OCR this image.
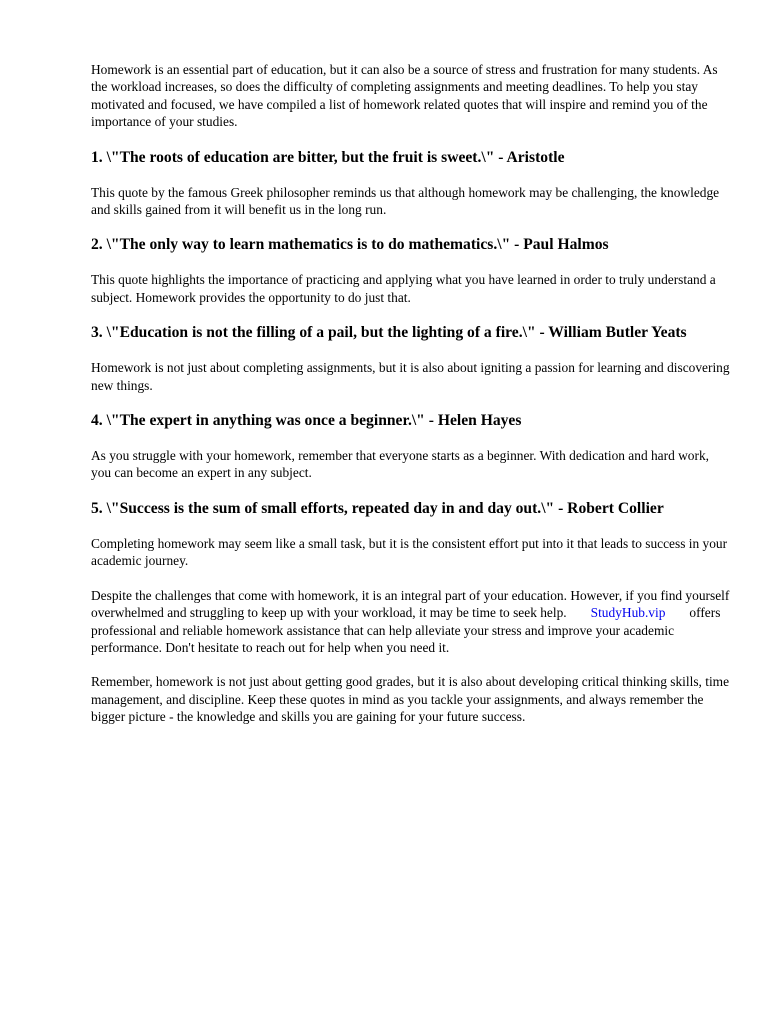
Homework is an essential part of education, but it can also be a source of stress and frustration for many students. As the workload increases, so does the difficulty of completing assignments and meeting deadlines. To help you stay motivated and focused, we have compiled a list of homework related quotes that will inspire and remind you of the importance of your studies.

1. \"The roots of education are bitter, but the fruit is sweet.\" - Aristotle

This quote by the famous Greek philosopher reminds us that although homework may be challenging, the knowledge and skills gained from it will benefit us in the long run.

2. \"The only way to learn mathematics is to do mathematics.\" - Paul Halmos

This quote highlights the importance of practicing and applying what you have learned in order to truly understand a subject. Homework provides the opportunity to do just that.

3. \"Education is not the filling of a pail, but the lighting of a fire.\" - William Butler Yeats

Homework is not just about completing assignments, but it is also about igniting a passion for learning and discovering new things.

4. \"The expert in anything was once a beginner.\" - Helen Hayes

As you struggle with your homework, remember that everyone starts as a beginner. With dedication and hard work, you can become an expert in any subject.

5. \"Success is the sum of small efforts, repeated day in and day out.\" - Robert Collier

Completing homework may seem like a small task, but it is the consistent effort put into it that leads to success in your academic journey.

Despite the challenges that come with homework, it is an integral part of your education. However, if you find yourself overwhelmed and struggling to keep up with your workload, it may be time to seek help. StudyHub.vip offers professional and reliable homework assistance that can help alleviate your stress and improve your academic performance. Don't hesitate to reach out for help when you need it.

Remember, homework is not just about getting good grades, but it is also about developing critical thinking skills, time management, and discipline. Keep these quotes in mind as you tackle your assignments, and always remember the bigger picture - the knowledge and skills you are gaining for your future success.
